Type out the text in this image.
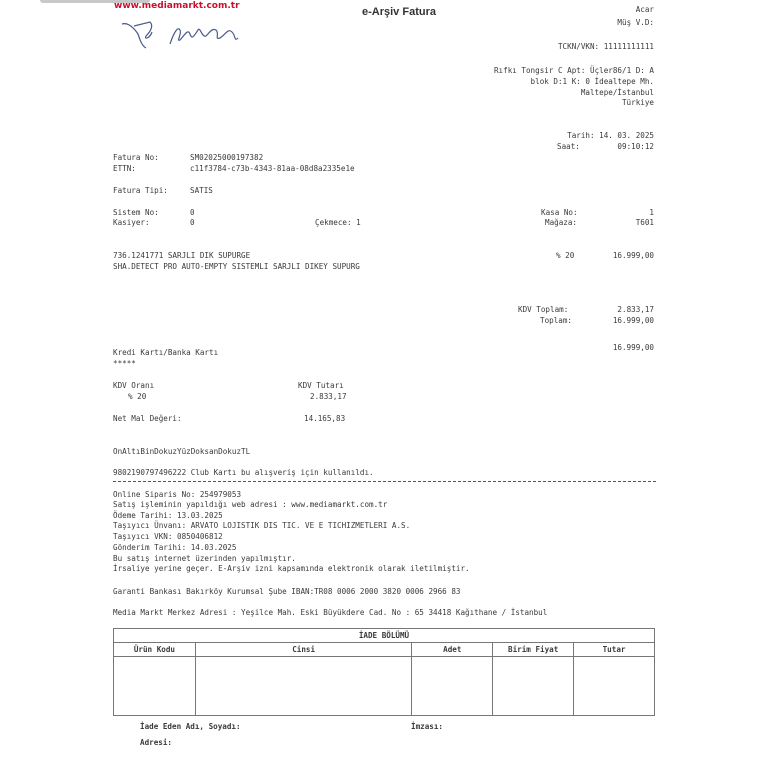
www.mediamarkt.com.tr	e-Arşiv Fatura	Acar
Müş V.D:
TCKN/VKN: 11111111111
Rıfkı Tongsir C Apt: Üçler86/1 D: A
blok D:1 K: 0 İdealtepe Mh.
Maltepe/İstanbul
Türkiye
Tarih: 14. 03. 2025
Saat:	09:10:12
Fatura No:	SM02025000197382
ETTN:	c11f3784-c73b-4343-81aa-08d8a2335e1e
Fatura Tipi:	SATIS
Sistem No:	0
Kasiyer:	0	Çekmece: 1
Kasa No:	1
Mağaza:	T601
736.1241771 SARJLI DIK SUPURGE
SHA.DETECT PRO AUTO-EMPTY SISTEMLI SARJLI DIKEY SUPURG
% 20	16.999,00
KDV Toplam:	2.833,17
Toplam:	16.999,00
16.999,00
Kredi Kartı/Banka Kartı
*****
KDV Oranı
% 20
KDV Tutarı
2.833,17
Net Mal Değeri:	14.165,83
OnAltıBinDokuzYüzDoksanDokuzTL
9802190797496222 Club Kartı bu alışveriş için kullanıldı.
Online Siparis No: 254979053
Satış işleminin yapıldığı web adresi : www.mediamarkt.com.tr
Ödeme Tarihi: 13.03.2025
Taşıyıcı Ünvanı: ARVATO LOJISTIK DIS TIC. VE E TICHIZMETLERI A.S.
Taşıyıcı VKN: 0850406812
Gönderim Tarihi: 14.03.2025
Bu satış internet üzerinden yapılmıştır.
İrsaliye yerine geçer. E-Arşiv izni kapsamında elektronik olarak iletilmiştir.
Garanti Bankası Bakırköy Kurumsal Şube IBAN:TR08 0006 2000 3820 0006 2966 83
Media Markt Merkez Adresi : Yeşilce Mah. Eski Büyükdere Cad. No : 65 34418 Kağıthane / İstanbul
İADE BÖLÜMÜ				
Ürün Kodu	Cinsi	Adet	Birim Fiyat	Tutar

İade Eden Adı, Soyadı:	İmzası:
Adresi:
